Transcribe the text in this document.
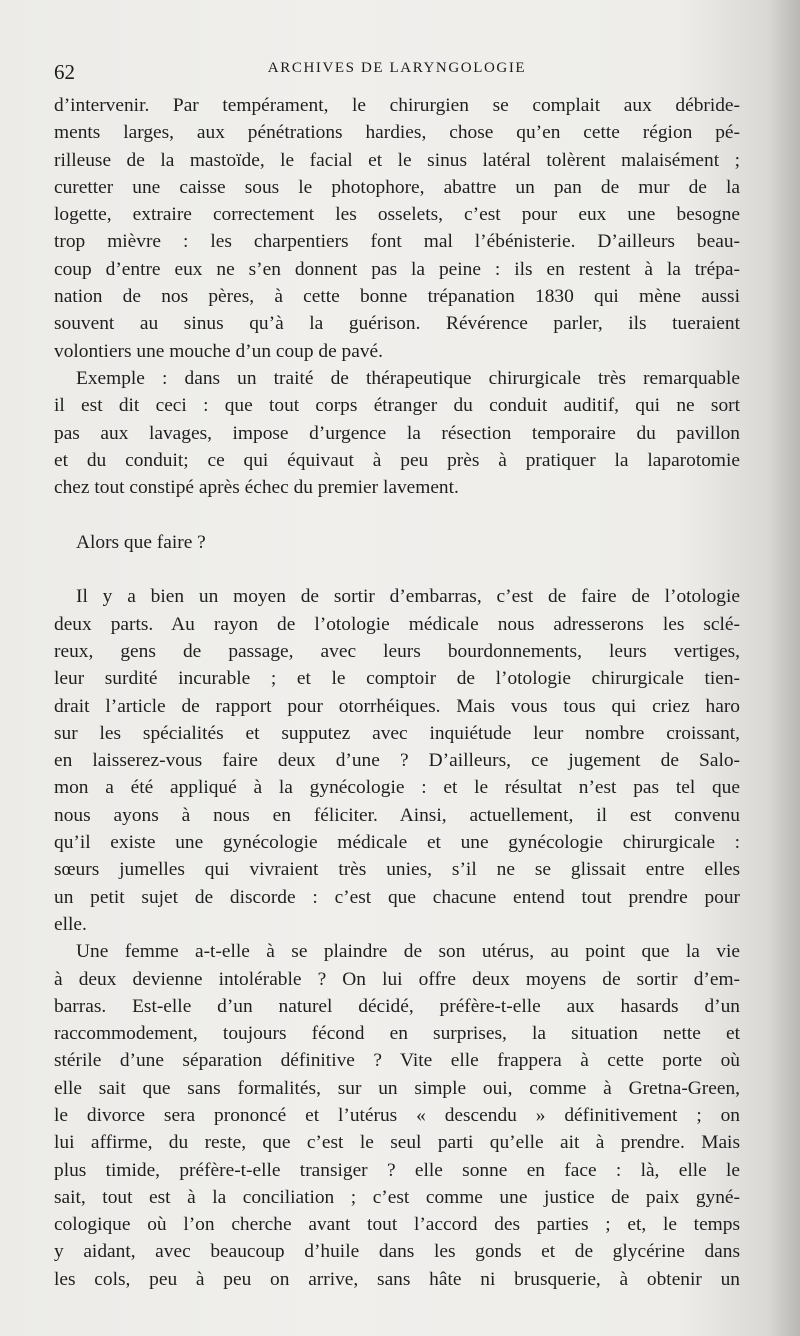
62	ARCHIVES DE LARYNGOLOGIE
d’intervenir. Par tempérament, le chirurgien se complait aux débride-
ments larges, aux pénétrations hardies, chose qu’en cette région pé-
rilleuse de la mastoïde, le facial et le sinus latéral tolèrent malaisément ;
curetter une caisse sous le photophore, abattre un pan de mur de la
logette, extraire correctement les osselets, c’est pour eux une besogne
trop mièvre : les charpentiers font mal l’ébénisterie. D’ailleurs beau-
coup d’entre eux ne s’en donnent pas la peine : ils en restent à la trépa-
nation de nos pères, à cette bonne trépanation 1830 qui mène aussi
souvent au sinus qu’à la guérison. Révérence parler, ils tueraient
volontiers une mouche d’un coup de pavé.
Exemple : dans un traité de thérapeutique chirurgicale très remarquable
il est dit ceci : que tout corps étranger du conduit auditif, qui ne sort
pas aux lavages, impose d’urgence la résection temporaire du pavillon
et du conduit; ce qui équivaut à peu près à pratiquer la laparotomie
chez tout constipé après échec du premier lavement.
Alors que faire ?
Il y a bien un moyen de sortir d’embarras, c’est de faire de l’otologie
deux parts. Au rayon de l’otologie médicale nous adresserons les sclé-
reux, gens de passage, avec leurs bourdonnements, leurs vertiges,
leur surdité incurable ; et le comptoir de l’otologie chirurgicale tien-
drait l’article de rapport pour otorrhéiques. Mais vous tous qui criez haro
sur les spécialités et supputez avec inquiétude leur nombre croissant,
en laisserez-vous faire deux d’une ? D’ailleurs, ce jugement de Salo-
mon a été appliqué à la gynécologie : et le résultat n’est pas tel que
nous ayons à nous en féliciter. Ainsi, actuellement, il est convenu
qu’il existe une gynécologie médicale et une gynécologie chirurgicale :
sœurs jumelles qui vivraient très unies, s’il ne se glissait entre elles
un petit sujet de discorde : c’est que chacune entend tout prendre pour
elle.
Une femme a-t-elle à se plaindre de son utérus, au point que la vie
à deux devienne intolérable ? On lui offre deux moyens de sortir d’em-
barras. Est-elle d’un naturel décidé, préfère-t-elle aux hasards d’un
raccommodement, toujours fécond en surprises, la situation nette et
stérile d’une séparation définitive ? Vite elle frappera à cette porte où
elle sait que sans formalités, sur un simple oui, comme à Gretna-Green,
le divorce sera prononcé et l’utérus « descendu » définitivement ; on
lui affirme, du reste, que c’est le seul parti qu’elle ait à prendre. Mais
plus timide, préfère-t-elle transiger ? elle sonne en face : là, elle le
sait, tout est à la conciliation ; c’est comme une justice de paix gyné-
cologique où l’on cherche avant tout l’accord des parties ; et, le temps
y aidant, avec beaucoup d’huile dans les gonds et de glycérine dans
les cols, peu à peu on arrive, sans hâte ni brusquerie, à obtenir un
